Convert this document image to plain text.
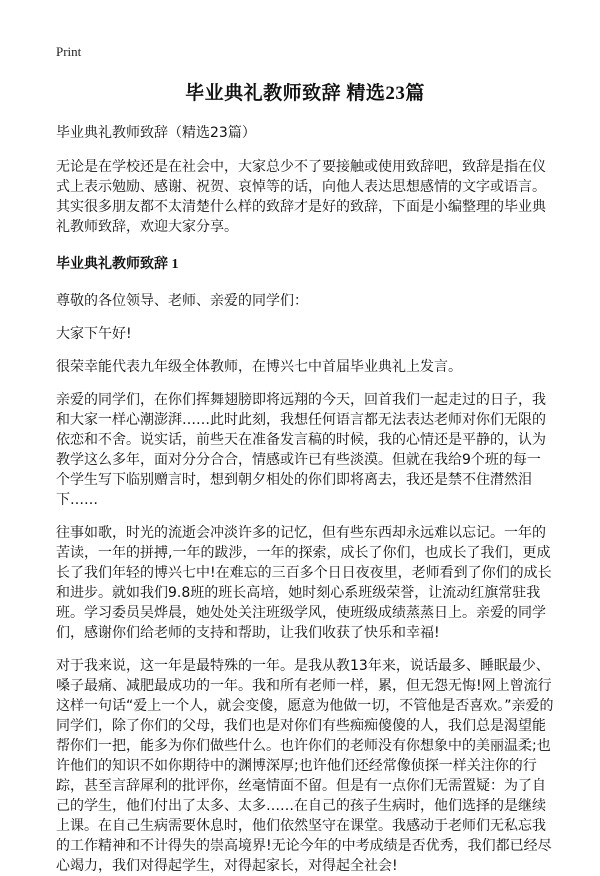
Print
毕业典礼教师致辞 精选23篇

毕业典礼教师致辞（精选23篇）

无论是在学校还是在社会中，大家总少不了要接触或使用致辞吧，致辞是指在仪式上表示勉励、感谢、祝贺、哀悼等的话，向他人表达思想感情的文字或语言。其实很多朋友都不太清楚什么样的致辞才是好的致辞，下面是小编整理的毕业典礼教师致辞，欢迎大家分享。

毕业典礼教师致辞 1

尊敬的各位领导、老师、亲爱的同学们：

大家下午好!

很荣幸能代表九年级全体教师，在博兴七中首届毕业典礼上发言。

亲爱的同学们，在你们挥舞翅膀即将远翔的今天，回首我们一起走过的日子，我和大家一样心潮澎湃……此时此刻，我想任何语言都无法表达老师对你们无限的依恋和不舍。说实话，前些天在准备发言稿的时候，我的心情还是平静的，认为教学这么多年，面对分分合合，情感或许已有些淡漠。但就在我给9个班的每一个学生写下临别赠言时，想到朝夕相处的你们即将离去，我还是禁不住潸然泪下……

往事如歌，时光的流逝会冲淡许多的记忆，但有些东西却永远难以忘记。一年的苦读，一年的拼搏,一年的跋涉，一年的探索，成长了你们，也成长了我们，更成长了我们年轻的博兴七中!在难忘的三百多个日日夜夜里，老师看到了你们的成长和进步。就如我们9.8班的班长高培，她时刻心系班级荣誉，让流动红旗常驻我班。学习委员吴烨晨，她处处关注班级学风，使班级成绩蒸蒸日上。亲爱的同学们，感谢你们给老师的支持和帮助，让我们收获了快乐和幸福!

对于我来说，这一年是最特殊的一年。是我从教13年来，说话最多、睡眠最少、嗓子最痛、减肥最成功的一年。我和所有老师一样，累，但无怨无悔!网上曾流行这样一句话“爱上一个人，就会变傻，愿意为他做一切，不管他是否喜欢。”亲爱的同学们，除了你们的父母，我们也是对你们有些痴痴傻傻的人，我们总是渴望能帮你们一把，能多为你们做些什么。也许你们的老师没有你想象中的美丽温柔;也许他们的知识不如你期待中的渊博深厚;也许他们还经常像侦探一样关注你的行踪，甚至言辞犀利的批评你，丝毫情面不留。但是有一点你们无需置疑：为了自己的学生，他们付出了太多、太多……在自己的孩子生病时，他们选择的是继续上课。在自己生病需要休息时，他们依然坚守在课堂。我感动于老师们无私忘我的工作精神和不计得失的崇高境界!无论今年的中考成绩是否优秀，我们都已经尽心竭力，我们对得起学生，对得起家长，对得起全社会!
